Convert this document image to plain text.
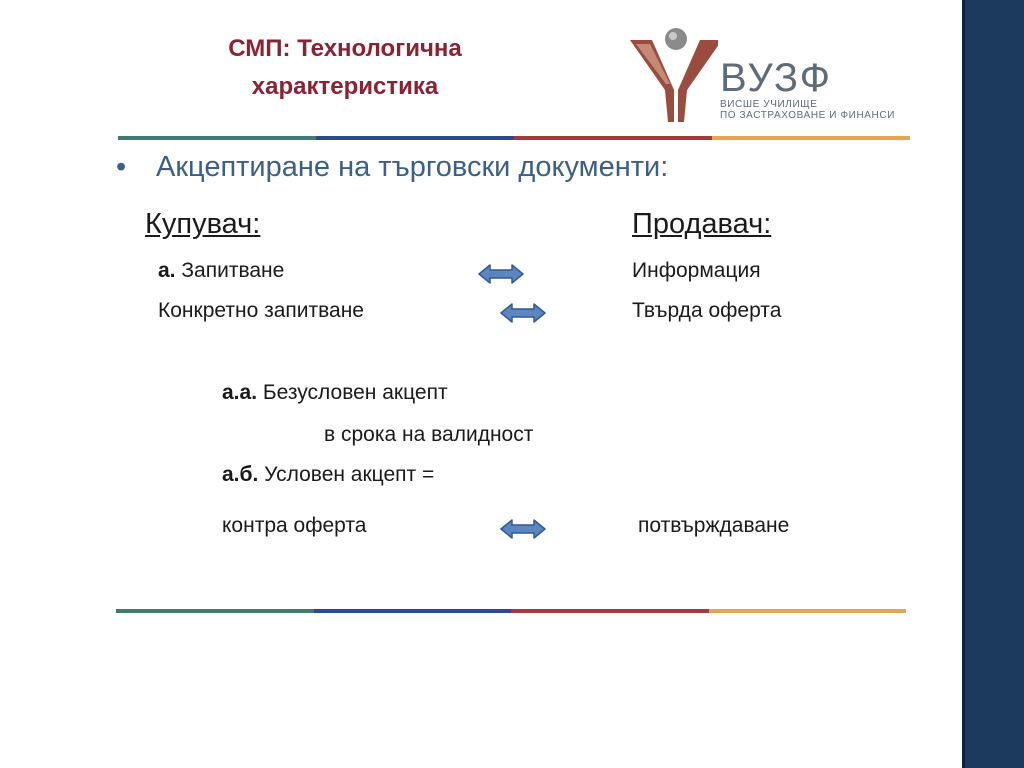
СМП: Технологична
характеристика	ВУЗФ
ВИСШЕ УЧИЛИЩЕ
ПО ЗАСТРАХОВАНЕ И ФИНАНСИ
• Акцептиране на търговски документи:
Купувач:	Продавач:
а. Запитване	Информация
Конкретно запитване	Твърда оферта
а.а. Безусловен акцепт
в срока на валидност
а.б. Условен акцепт =
контра оферта	потвърждаване
